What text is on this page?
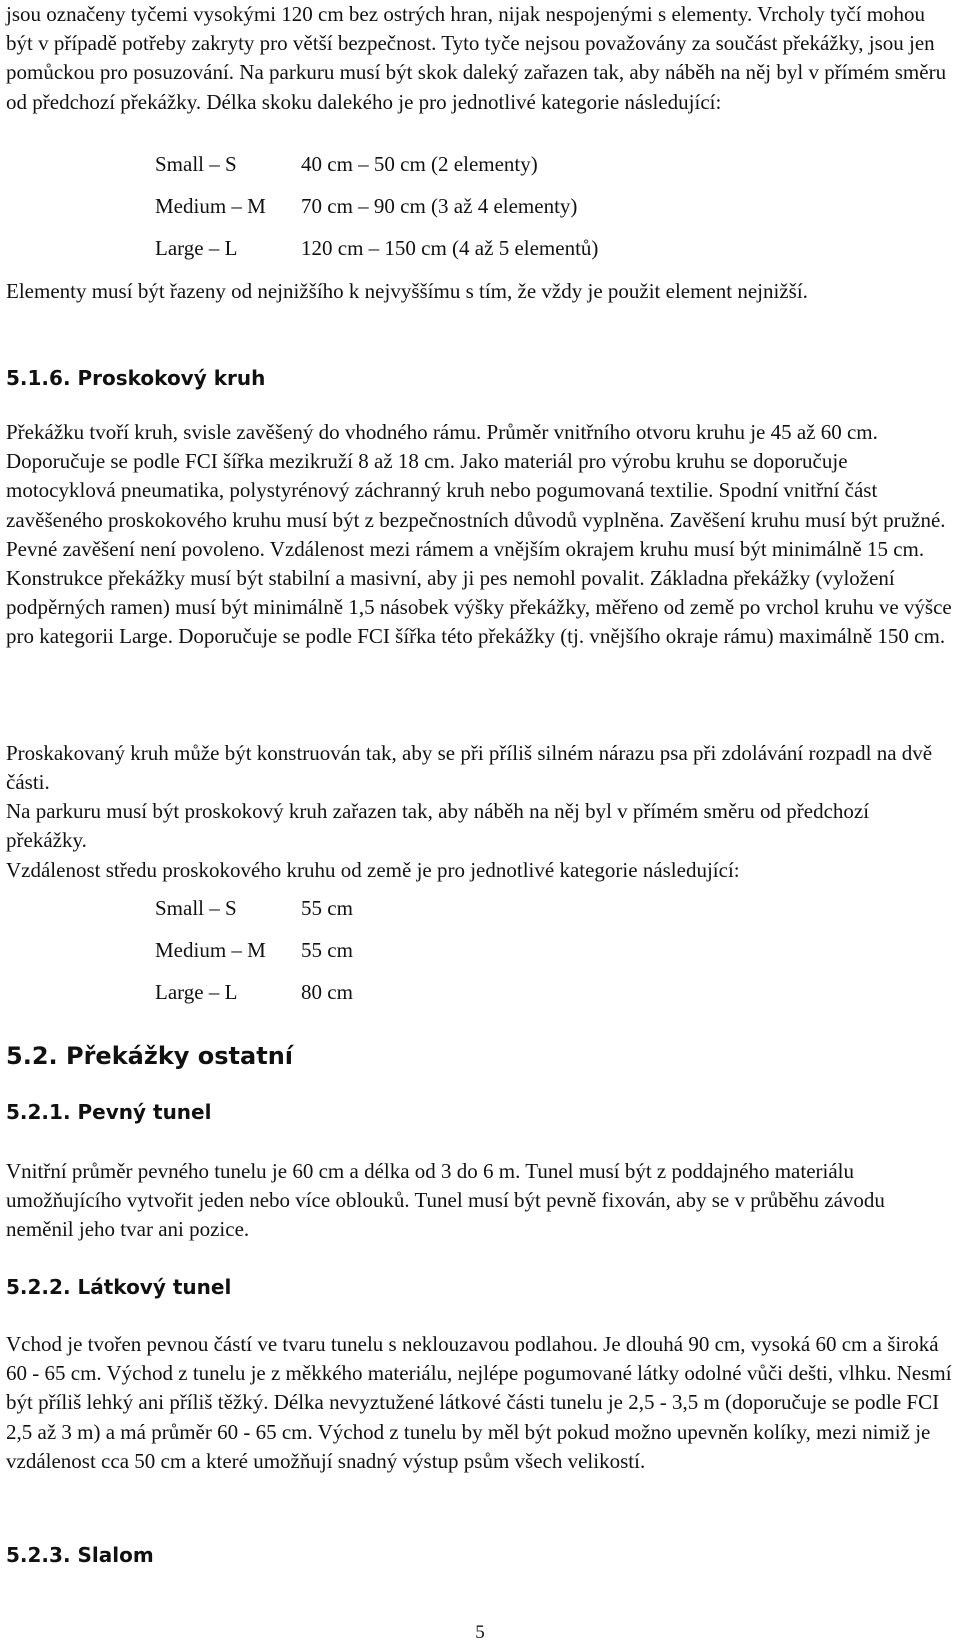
jsou označeny tyčemi vysokými 120 cm bez ostrých hran, nijak nespojenými s elementy. Vrcholy tyčí mohou být v případě potřeby zakryty pro větší bezpečnost. Tyto tyče nejsou považovány za součást překážky, jsou jen pomůckou pro posuzování. Na parkuru musí být skok daleký zařazen tak, aby náběh na něj byl v přímém směru od předchozí překážky. Délka skoku dalekého je pro jednotlivé kategorie následující:

Small – S	40 cm – 50 cm (2 elementy)
Medium – M 70 cm – 90 cm (3 až 4 elementy)
Large – L	120 cm – 150 cm (4 až 5 elementů)

Elementy musí být řazeny od nejnižšího k nejvyššímu s tím, že vždy je použit element nejnižší.

5.1.6. Proskokový kruh

Překážku tvoří kruh, svisle zavěšený do vhodného rámu. Průměr vnitřního otvoru kruhu je 45 až 60 cm. Doporučuje se podle FCI šířka mezikruží 8 až 18 cm. Jako materiál pro výrobu kruhu se doporučuje motocyklová pneumatika, polystyrénový záchranný kruh nebo pogumovaná textilie. Spodní vnitřní část zavěšeného proskokového kruhu musí být z bezpečnostních důvodů vyplněna. Zavěšení kruhu musí být pružné. Pevné zavěšení není povoleno. Vzdálenost mezi rámem a vnějším okrajem kruhu musí být minimálně 15 cm. Konstrukce překážky musí být stabilní a masivní, aby ji pes nemohl povalit. Základna překážky (vyložení podpěrných ramen) musí být minimálně 1,5 násobek výšky překážky, měřeno od země po vrchol kruhu ve výšce pro kategorii Large. Doporučuje se podle FCI šířka této překážky (tj. vnějšího okraje rámu) maximálně 150 cm.

Proskakovaný kruh může být konstruován tak, aby se při příliš silném nárazu psa při zdolávání rozpadl na dvě části.

Na parkuru musí být proskokový kruh zařazen tak, aby náběh na něj byl v přímém směru od předchozí překážky.

Vzdálenost středu proskokového kruhu od země je pro jednotlivé kategorie následující:

Small – S	55 cm
Medium – M 55 cm
Large – L	80 cm
5.2. Překážky ostatní
5.2.1. Pevný tunel

Vnitřní průměr pevného tunelu je 60 cm a délka od 3 do 6 m. Tunel musí být z poddajného materiálu umožňujícího vytvořit jeden nebo více oblouků. Tunel musí být pevně fixován, aby se v průběhu závodu neměnil jeho tvar ani pozice.

5.2.2. Látkový tunel

Vchod je tvořen pevnou částí ve tvaru tunelu s neklouzavou podlahou. Je dlouhá 90 cm, vysoká 60 cm a široká 60 - 65 cm. Východ z tunelu je z měkkého materiálu, nejlépe pogumované látky odolné vůči dešti, vlhku. Nesmí být příliš lehký ani příliš těžký. Délka nevyztužené látkové části tunelu je 2,5 - 3,5 m (doporučuje se podle FCI 2,5 až 3 m) a má průměr 60 - 65 cm. Východ z tunelu by měl být pokud možno upevněn kolíky, mezi nimiž je vzdálenost cca 50 cm a které umožňují snadný výstup psům všech velikostí.

5.2.3. Slalom
5
